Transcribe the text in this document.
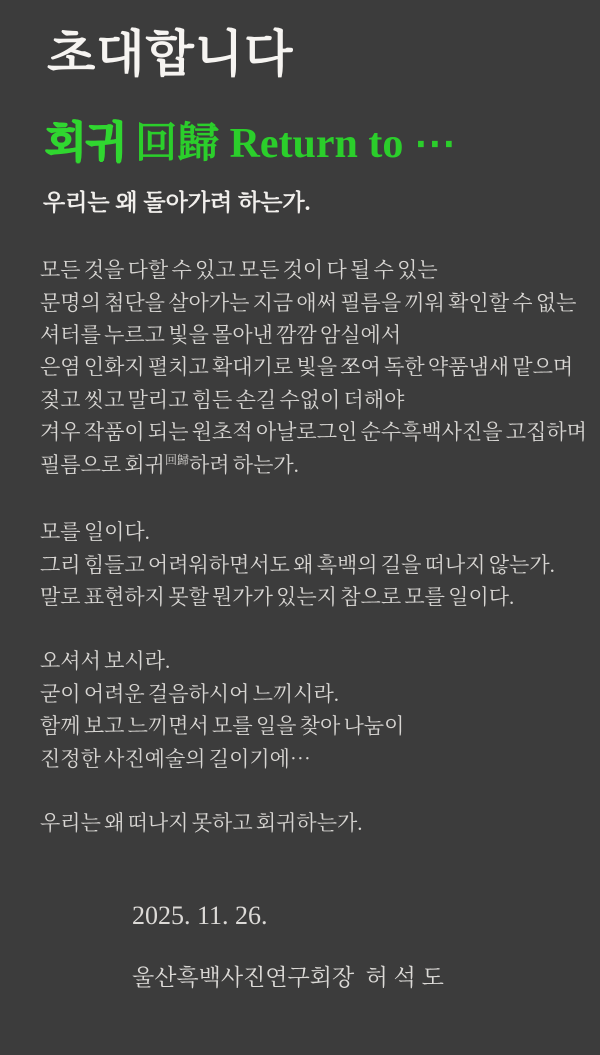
초대합니다
회귀 回歸 Return to ⋯
우리는 왜 돌아가려 하는가.
모든 것을 다할 수 있고 모든 것이 다 될 수 있는
문명의 첨단을 살아가는 지금 애써 필름을 끼워 확인할 수 없는
셔터를 누르고 빛을 몰아낸 깜깜 암실에서
은염 인화지 펼치고 확대기로 빛을 쪼여 독한 약품냄새 맡으며
젖고 씻고 말리고 힘든 손길 수없이 더해야
겨우 작품이 되는 원초적 아날로그인 순수흑백사진을 고집하며
필름으로 회귀$^{回歸}$하려 하는가.
모를 일이다.
그리 힘들고 어려워하면서도 왜 흑백의 길을 떠나지 않는가.
말로 표현하지 못할 뭔가가 있는지 참으로 모를 일이다.
오셔서 보시라.
굳이 어려운 걸음하시어 느끼시라.
함께 보고 느끼면서 모를 일을 찾아 나눔이
진정한 사진예술의 길이기에⋯
우리는 왜 떠나지 못하고 회귀하는가.
2025. 11. 26.
울산흑백사진연구회장  허 석 도
